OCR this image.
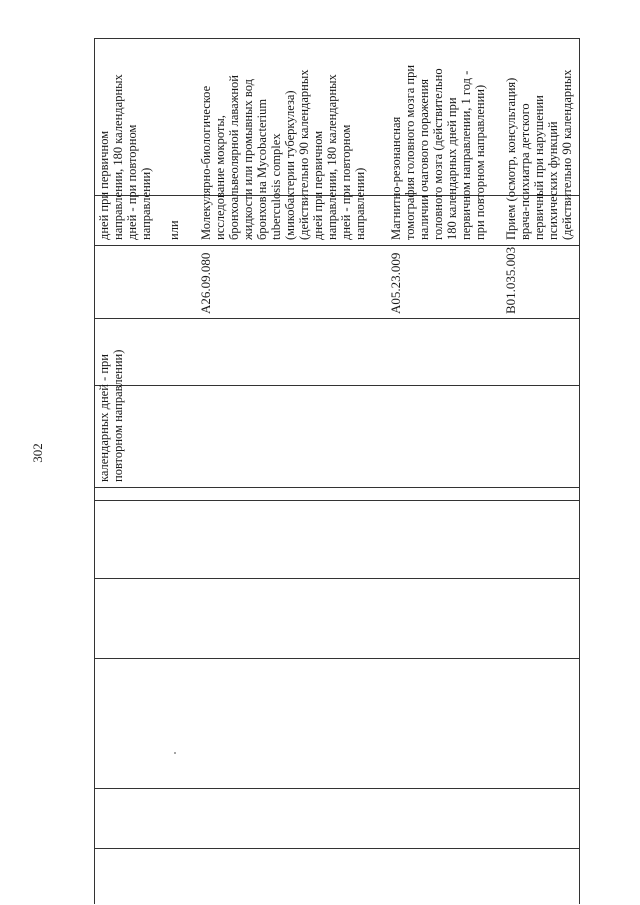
302	календарных дней - при повторном направлении)
дней при первичном направлении, 180 календарных дней - при повторном направлении) или
A26.09.080
Молекулярно-биологическое исследование мокроты, бронхоальвеолярной лаважной жидкости или промывных вод бронхов на Mycobacterium tuberculosis complex (микобактерии туберкулеза) (действительно 90 календарных дней при первичном направлении, 180 календарных дней - при повторном направлении)
A05.23.009
Магнитно-резонансная томография головного мозга при наличии очагового поражения головного мозга (действительно 180 календарных дней при первичном направлении, 1 год - при повторном направлении)
B01.035.003
Прием (осмотр, консультация) врача-психиатра детского первичный при нарушении психических функций (действительно 90 календарных
